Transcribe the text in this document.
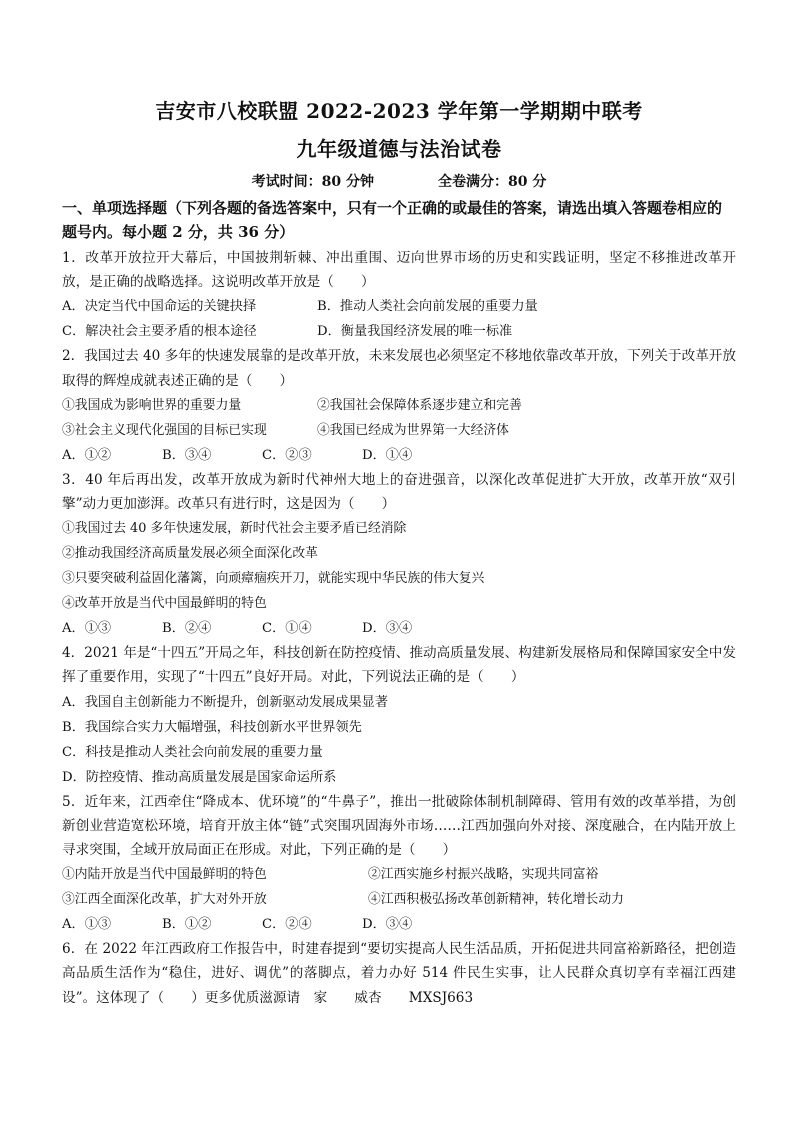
吉安市八校联盟 2022-2023 学年第一学期期中联考
九年级道德与法治试卷
考试时间：80 分钟	全卷满分：80 分
一、单项选择题（下列各题的备选答案中，只有一个正确的或最佳的答案，请选出填入答题卷相应的题号内。每小题 2 分，共 36 分）
1．改革开放拉开大幕后，中国披荆斩棘、冲出重围、迈向世界市场的历史和实践证明，坚定不移推进改革开放，是正确的战略选择。这说明改革开放是（　　）
A．决定当代中国命运的关键抉择	B．推动人类社会向前发展的重要力量
C．解决社会主要矛盾的根本途径	D．衡量我国经济发展的唯一标准
2．我国过去 40 多年的快速发展靠的是改革开放，未来发展也必须坚定不移地依靠改革开放，下列关于改革开放取得的辉煌成就表述正确的是（　　）
①我国成为影响世界的重要力量	②我国社会保障体系逐步建立和完善
③社会主义现代化强国的目标已实现	④我国已经成为世界第一大经济体
A．①②	B．③④	C．②③	D．①④
3．40 年后再出发，改革开放成为新时代神州大地上的奋进强音，以深化改革促进扩大开放，改革开放“双引擎”动力更加澎湃。改革只有进行时，这是因为（　　）
①我国过去 40 多年快速发展，新时代社会主要矛盾已经消除
②推动我国经济高质量发展必须全面深化改革
③只要突破利益固化藩篱，向顽瘴痼疾开刀，就能实现中华民族的伟大复兴
④改革开放是当代中国最鲜明的特色
A．①③	B．②④	C．①④	D．③④
4．2021 年是“十四五”开局之年，科技创新在防控疫情、推动高质量发展、构建新发展格局和保障国家安全中发挥了重要作用，实现了“十四五”良好开局。对此，下列说法正确的是（　　）
A．我国自主创新能力不断提升，创新驱动发展成果显著
B．我国综合实力大幅增强，科技创新水平世界领先
C．科技是推动人类社会向前发展的重要力量
D．防控疫情、推动高质量发展是国家命运所系
5．近年来，江西牵住“降成本、优环境”的“牛鼻子”，推出一批破除体制机制障碍、管用有效的改革举措，为创新创业营造宽松环境，培育开放主体“链”式突围巩固海外市场……江西加强向外对接、深度融合，在内陆开放上寻求突围，全域开放局面正在形成。对此，下列正确的是（　　）
①内陆开放是当代中国最鲜明的特色	②江西实施乡村振兴战略，实现共同富裕
③江西全面深化改革，扩大对外开放	④江西积极弘扬改革创新精神，转化增长动力
A．①③	B．①②	C．②④	D．③④
6．在 2022 年江西政府工作报告中，时建春提到“要切实提高人民生活品质，开拓促进共同富裕新路径，把创造高品质生活作为“稳住，进好、调优”的落脚点，着力办好 514 件民生实事，让人民群众真切享有幸福江西建设”。这体现了（　　）更多优质滋源请　家　　威杏　　MXSJ663
